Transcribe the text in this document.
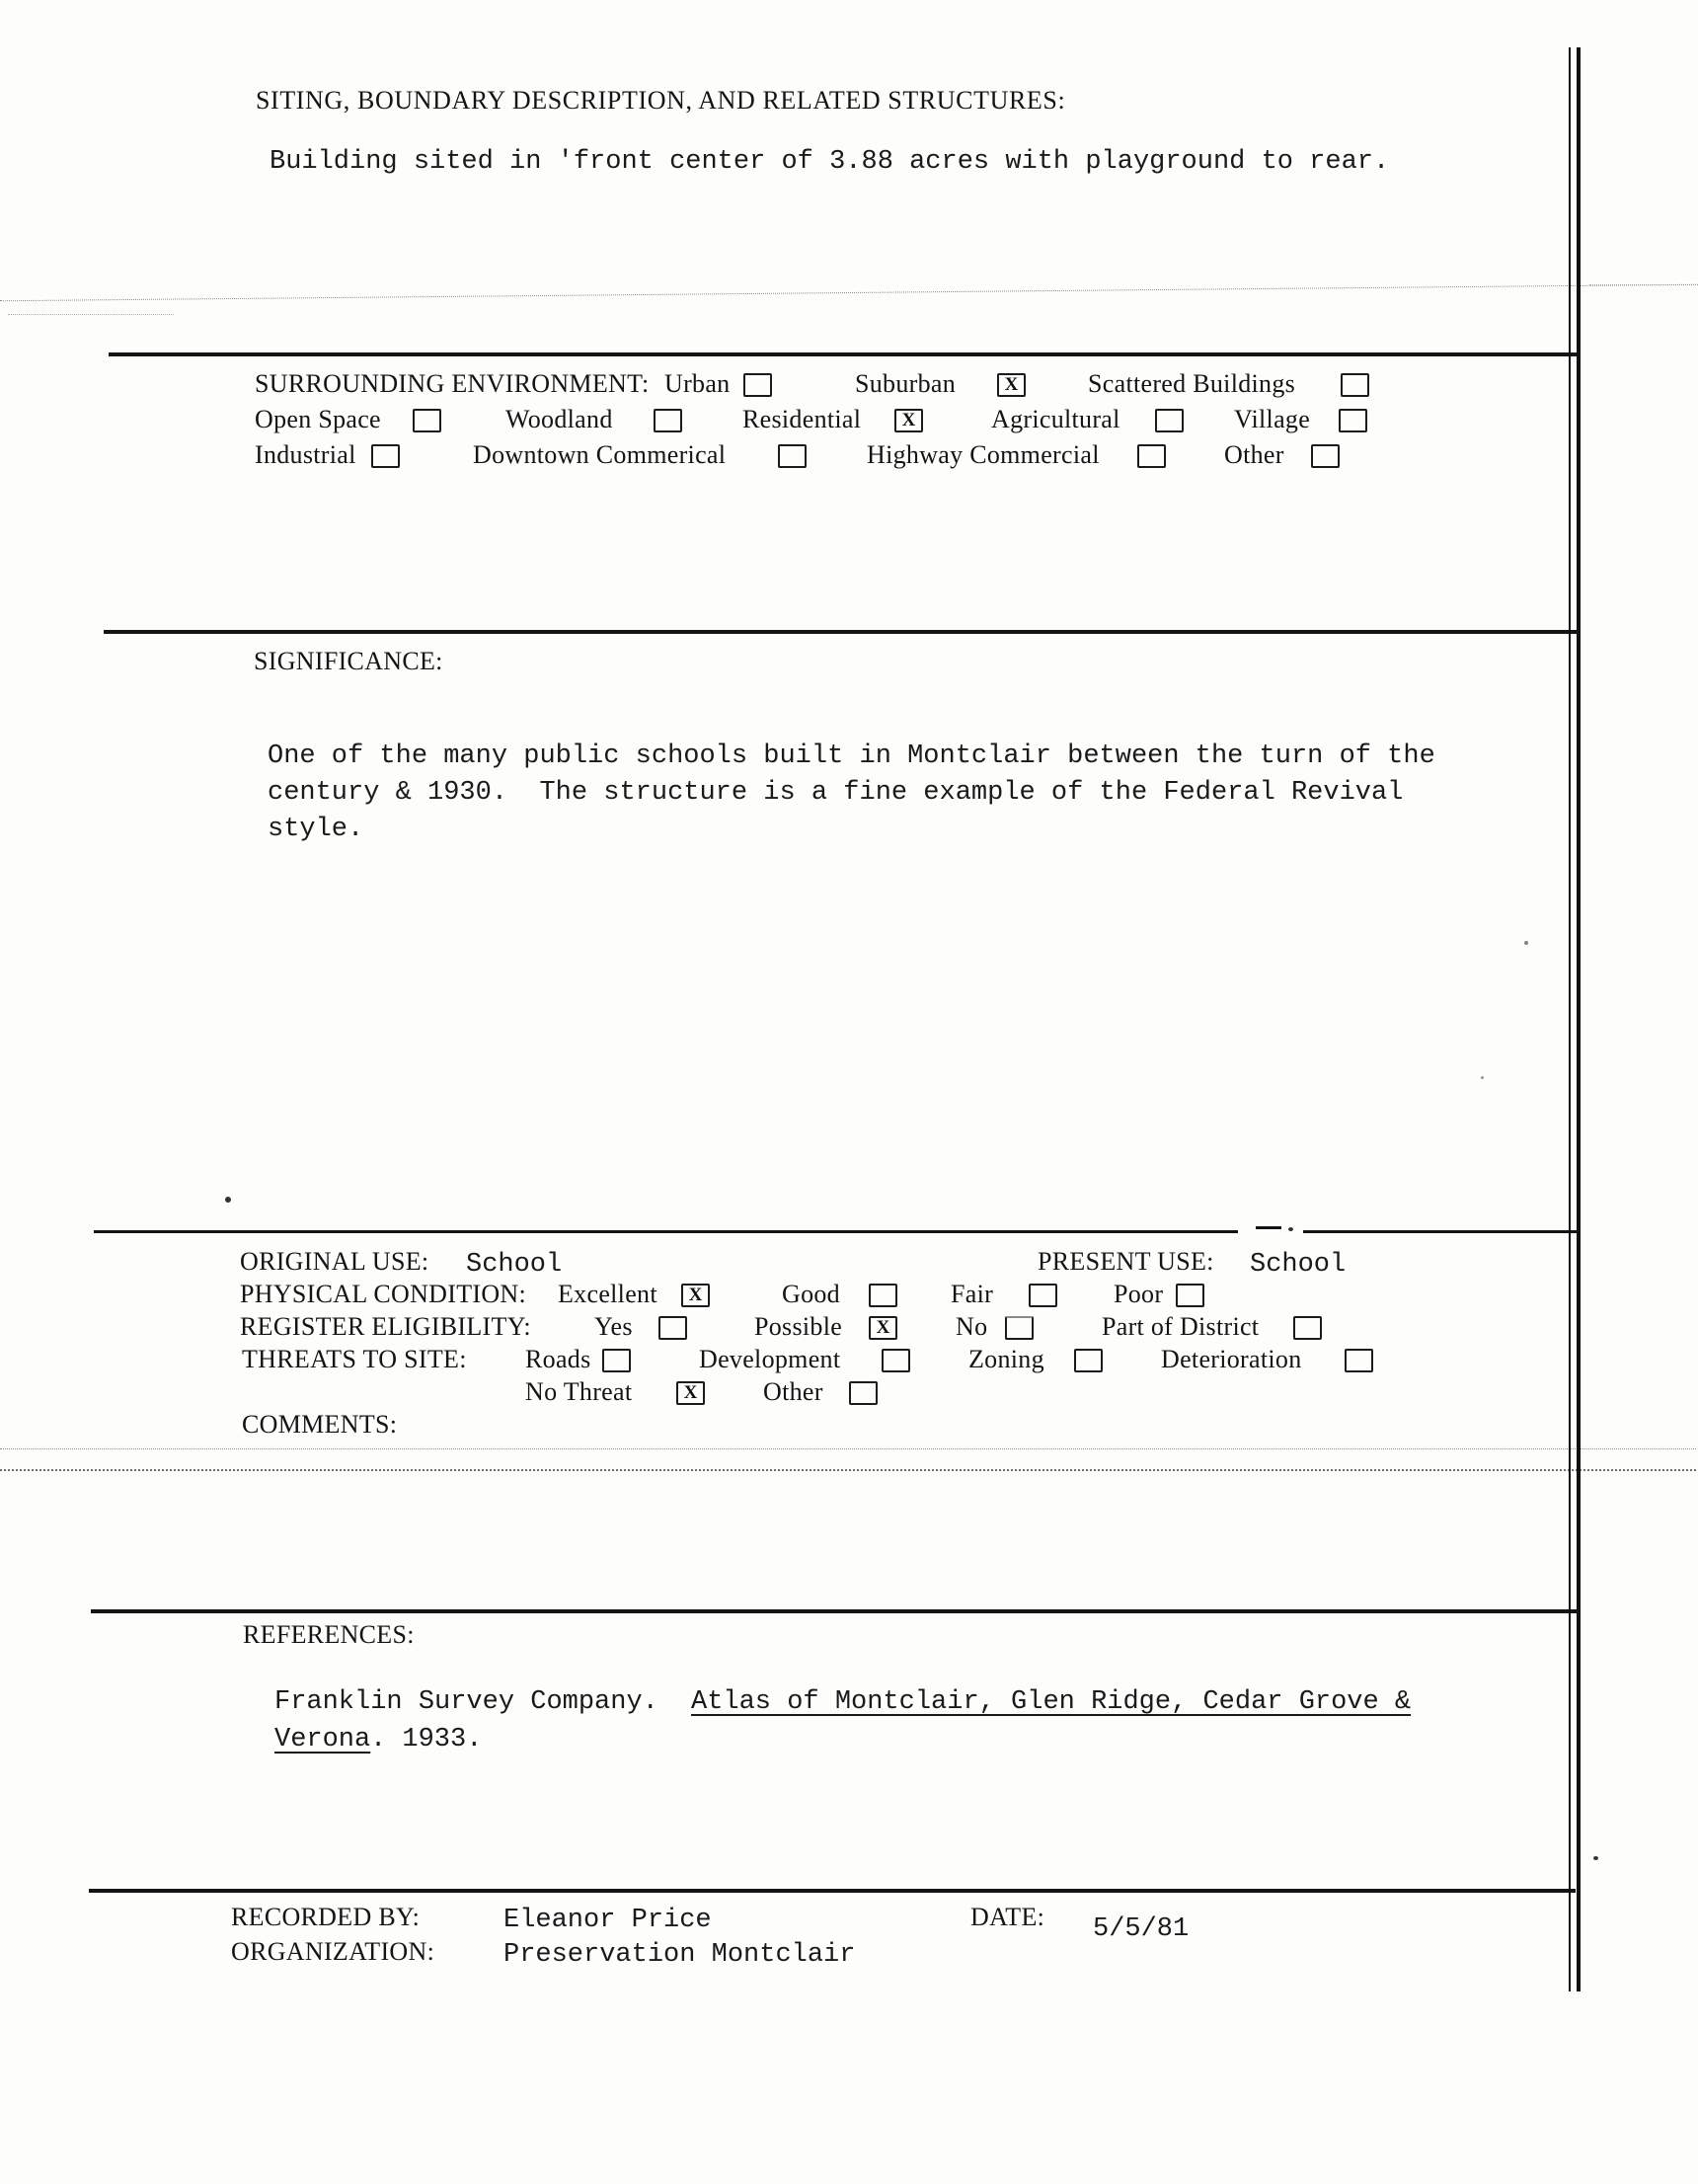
SITING, BOUNDARY DESCRIPTION, AND RELATED STRUCTURES:
Building sited in 'front center of 3.88 acres with playground to rear.
SURROUNDING ENVIRONMENT: Urban	Suburban	X	Scattered Buildings
Open Space	Woodland	Residential	X	Agricultural	Village
Industrial	Downtown Commerical	Highway Commercial	Other
SIGNIFICANCE:
One of the many public schools built in Montclair between the turn of the
century & 1930.  The structure is a fine example of the Federal Revival
style.
ORIGINAL USE: School	PRESENT USE: School
PHYSICAL CONDITION: Excellent	X	Good	Fair	Poor
REGISTER ELIGIBILITY: Yes	Possible	X	No	Part of District
THREATS TO SITE: Roads	Development	Zoning	Deterioration
No Threat	X	Other
COMMENTS:
REFERENCES:
Franklin Survey Company. Atlas of Montclair, Glen Ridge, Cedar Grove &
Verona . 1933.
RECORDED BY:	Eleanor Price	DATE: 5/5/81
ORGANIZATION:	Preservation Montclair
